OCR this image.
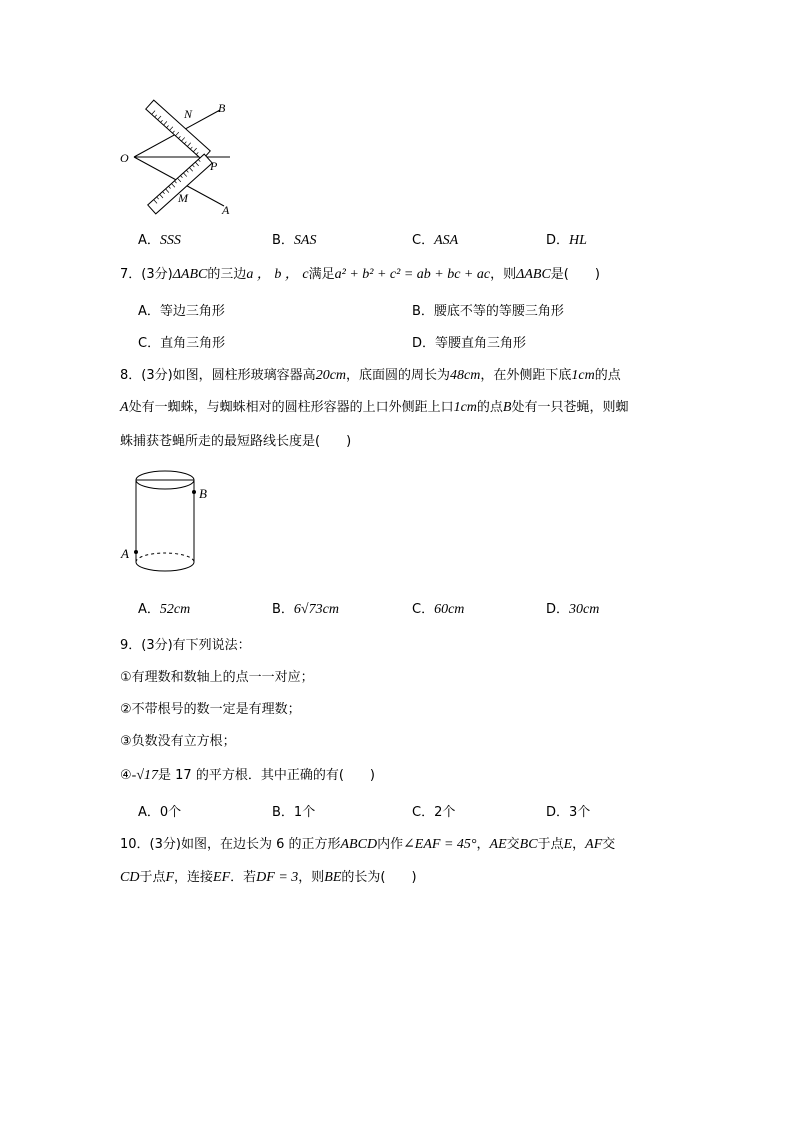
N B
O
P
M
A
A．SSS	B．SAS	C．ASA	D．HL
7．(3分)ΔABC的三边a ， b ， c满足a² + b² + c² = ab + bc + ac，则ΔABC是(　　)
A．等边三角形	B．腰底不等的等腰三角形
C．直角三角形	D．等腰直角三角形
8．(3分)如图，圆柱形玻璃容器高20cm，底面圆的周长为48cm，在外侧距下底1cm的点
A处有一蜘蛛，与蜘蛛相对的圆柱形容器的上口外侧距上口1cm的点B处有一只苍蝇，则蜘
蛛捕获苍蝇所走的最短路线长度是(　　)
B
A
A．52cm	B．6√73cm	C．60cm	D．30cm
9．(3分)有下列说法：
①有理数和数轴上的点一一对应；
②不带根号的数一定是有理数；
③负数没有立方根；
④-√17是 17 的平方根．其中正确的有(　　)
A．0个	B．1个	C．2个	D．3个
10．(3分)如图，在边长为 6 的正方形ABCD内作∠EAF = 45°，AE交BC于点E，AF交
CD于点F，连接EF．若DF = 3，则BE的长为(　　)
